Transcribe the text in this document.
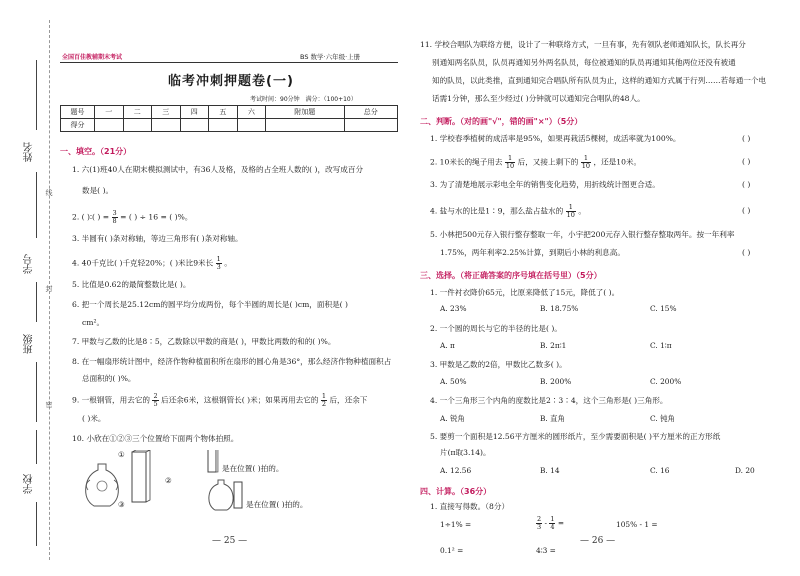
姓名
线
学号
封
班级
密
学校
全国百佳教辅期末考试	BS 数学·六年级·上册
临考冲刺押题卷(一)
考试时间：90分钟　满分：（100+10）
题号	一	二	三	四	五	六	附加题	总分
得分								
一、填空。（21分）
1. 六(1)班40人在期末模拟测试中，有36人及格，及格的占全班人数的( )，改写成百分
数是( )。
2. ( )∶( ) = $\frac{3}{8}$ = ( ) ÷ 16 = ( )%。
3. 半圆有( )条对称轴，等边三角形有( )条对称轴。
4. 40千克比( )千克轻20%；( )米比9米长 $\frac{1}{3}$ 。
5. 比值是0.62的最简整数比是( )。
6. 把一个周长是25.12cm的圆平均分成两份，每个半圆的周长是( )cm，面积是( )
cm²。
7. 甲数与乙数的比是8∶5，乙数除以甲数的商是( )，甲数比两数的和的( )%。
8. 在一幅扇形统计图中，经济作物种植面积所在扇形的圆心角是36°，那么经济作物种植面积占
总面积的( )%。
9. 一根钢管，用去它的 $\frac{2}{5}$ 后还余6米，这根钢管长( )米；如果再用去它的 $\frac{1}{2}$ 后，还余下
( )米。
10. 小欣在①②③三个位置给下面两个物体拍照。
①
②
③
是在位置( )拍的。
是在位置( )拍的。
— 25 —
11. 学校合唱队为联络方便，设计了一种联络方式，一旦有事，先有领队老师通知队长，队长再分
别通知两名队员，队员再通知另外两名队员，每位被通知的队员再通知其他两位还没有被通
知的队员，以此类推，直到通知完合唱队所有队员为止，这样的通知方式属于行列……若每通一个电
话需1分钟，那么至少经过( )分钟就可以通知完合唱队的48人。
二、判断。（对的画"√"，错的画"×"）（5分）
1. 学校春季植树的成活率是95%，如果再栽活5棵树，成活率就为100%。	( )
2. 10米长的绳子用去 $\frac{1}{10}$ 后，又接上剩下的 $\frac{1}{10}$ ，还是10米。	( )
3. 为了清楚地展示彩电全年的销售变化趋势，用折线统计图更合适。	( )
4. 盐与水的比是1∶9，那么盐占盐水的 $\frac{1}{10}$ 。	( )
5. 小林把500元存入银行整存整取一年，小宇把200元存入银行整存整取两年。按一年利率
1.75%，两年利率2.25%计算，到期后小林的利息高。	( )
三、选择。（将正确答案的序号填在括号里）（5分）
1. 一件衬衣降价65元，比原来降低了15元，降低了( )。
A. 23%	B. 18.75%	C. 15%
2. 一个圆的周长与它的半径的比是( )。
A. π	B. 2π∶1	C. 1∶π
3. 甲数是乙数的2倍，甲数比乙数多( )。
A. 50%	B. 200%	C. 200%
4. 一个三角形三个内角的度数比是2∶3∶4，这个三角形是( )三角形。
A. 锐角	B. 直角	C. 钝角
5. 要剪一个面积是12.56平方厘米的圆形纸片，至少需要面积是( )平方厘米的正方形纸
片(π取3.14)。
A. 12.56	B. 14	C. 16	D. 20
四、计算。（36分）
1. 直接写得数。（8分）
1÷1% =	$\frac{2}{3} - \frac{1}{4}$ =	105% - 1 =
0.1² =	4∶3 =
— 26 —
